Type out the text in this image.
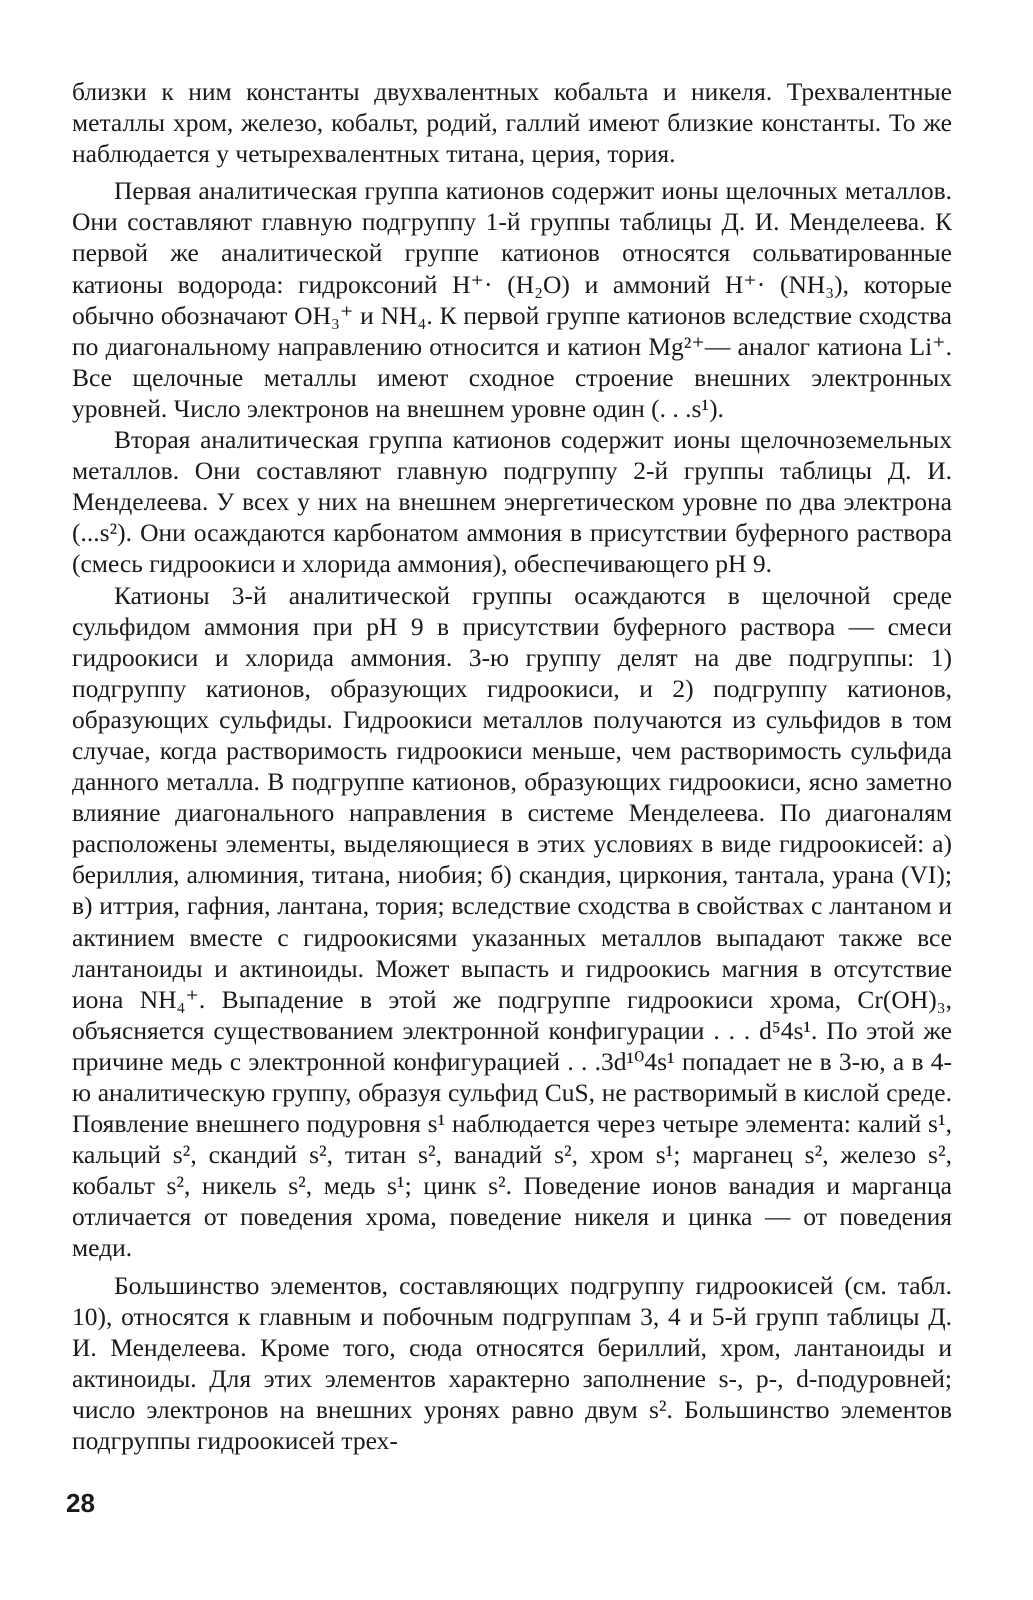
близки к ним константы двухвалентных кобальта и никеля. Трехвалентные металлы хром, железо, кобальт, родий, галлий имеют близкие константы. То же наблюдается у четырехвалентных титана, церия, тория.

Первая аналитическая группа катионов содержит ионы щелочных металлов. Они составляют главную подгруппу 1-й группы таблицы Д. И. Менделеева. К первой же аналитической группе катионов относятся сольватированные катионы водорода: гидроксоний Н⁺· (Н₂О) и аммоний Н⁺· (NН₃), которые обычно обозначают ОН₃⁺ и NН₄. К первой группе катионов вследствие сходства по диагональному направлению относится и катион Mg²⁺— аналог катиона Li⁺. Все щелочные металлы имеют сходное строение внешних электронных уровней. Число электронов на внешнем уровне один (. . .s¹).

Вторая аналитическая группа катионов содержит ионы щелочноземельных металлов. Они составляют главную подгруппу 2-й группы таблицы Д. И. Менделеева. У всех у них на внешнем энергетическом уровне по два электрона (...s²). Они осаждаются карбонатом аммония в присутствии буферного раствора (смесь гидроокиси и хлорида аммония), обеспечивающего рН 9.

Катионы 3-й аналитической группы осаждаются в щелочной среде сульфидом аммония при рН 9 в присутствии буферного раствора — смеси гидроокиси и хлорида аммония. 3-ю группу делят на две подгруппы: 1) подгруппу катионов, образующих гидроокиси, и 2) подгруппу катионов, образующих сульфиды. Гидроокиси металлов получаются из сульфидов в том случае, когда растворимость гидроокиси меньше, чем растворимость сульфида данного металла. В подгруппе катионов, образующих гидроокиси, ясно заметно влияние диагонального направления в системе Менделеева. По диагоналям расположены элементы, выделяющиеся в этих условиях в виде гидроокисей: а) бериллия, алюминия, титана, ниобия; б) скандия, циркония, тантала, урана (VI); в) иттрия, гафния, лантана, тория; вследствие сходства в свойствах с лантаном и актинием вместе с гидроокисями указанных металлов выпадают также все лантаноиды и актиноиды. Может выпасть и гидроокись магния в отсутствие иона NН₄⁺. Выпадение в этой же подгруппе гидроокиси хрома, Сr(ОН)₃, объясняется существованием электронной конфигурации . . . d⁵4s¹. По этой же причине медь с электронной конфигурацией . . .3d¹⁰4s¹ попадает не в 3-ю, а в 4-ю аналитическую группу, образуя сульфид CuS, не растворимый в кислой среде. Появление внешнего подуровня s¹ наблюдается через четыре элемента: калий s¹, кальций s², скандий s², титан s², ванадий s², хром s¹; марганец s², железо s², кобальт s², никель s², медь s¹; цинк s². Поведение ионов ванадия и марганца отличается от поведения хрома, поведение никеля и цинка — от поведения меди.

Большинство элементов, составляющих подгруппу гидроокисей (см. табл. 10), относятся к главным и побочным подгруппам 3, 4 и 5-й групп таблицы Д. И. Менделеева. Кроме того, сюда относятся бериллий, хром, лантаноиды и актиноиды. Для этих элементов характерно заполнение s-, p-, d-подуровней; число электронов на внешних уронях равно двум s². Большинство элементов подгруппы гидроокисей трех-

28
